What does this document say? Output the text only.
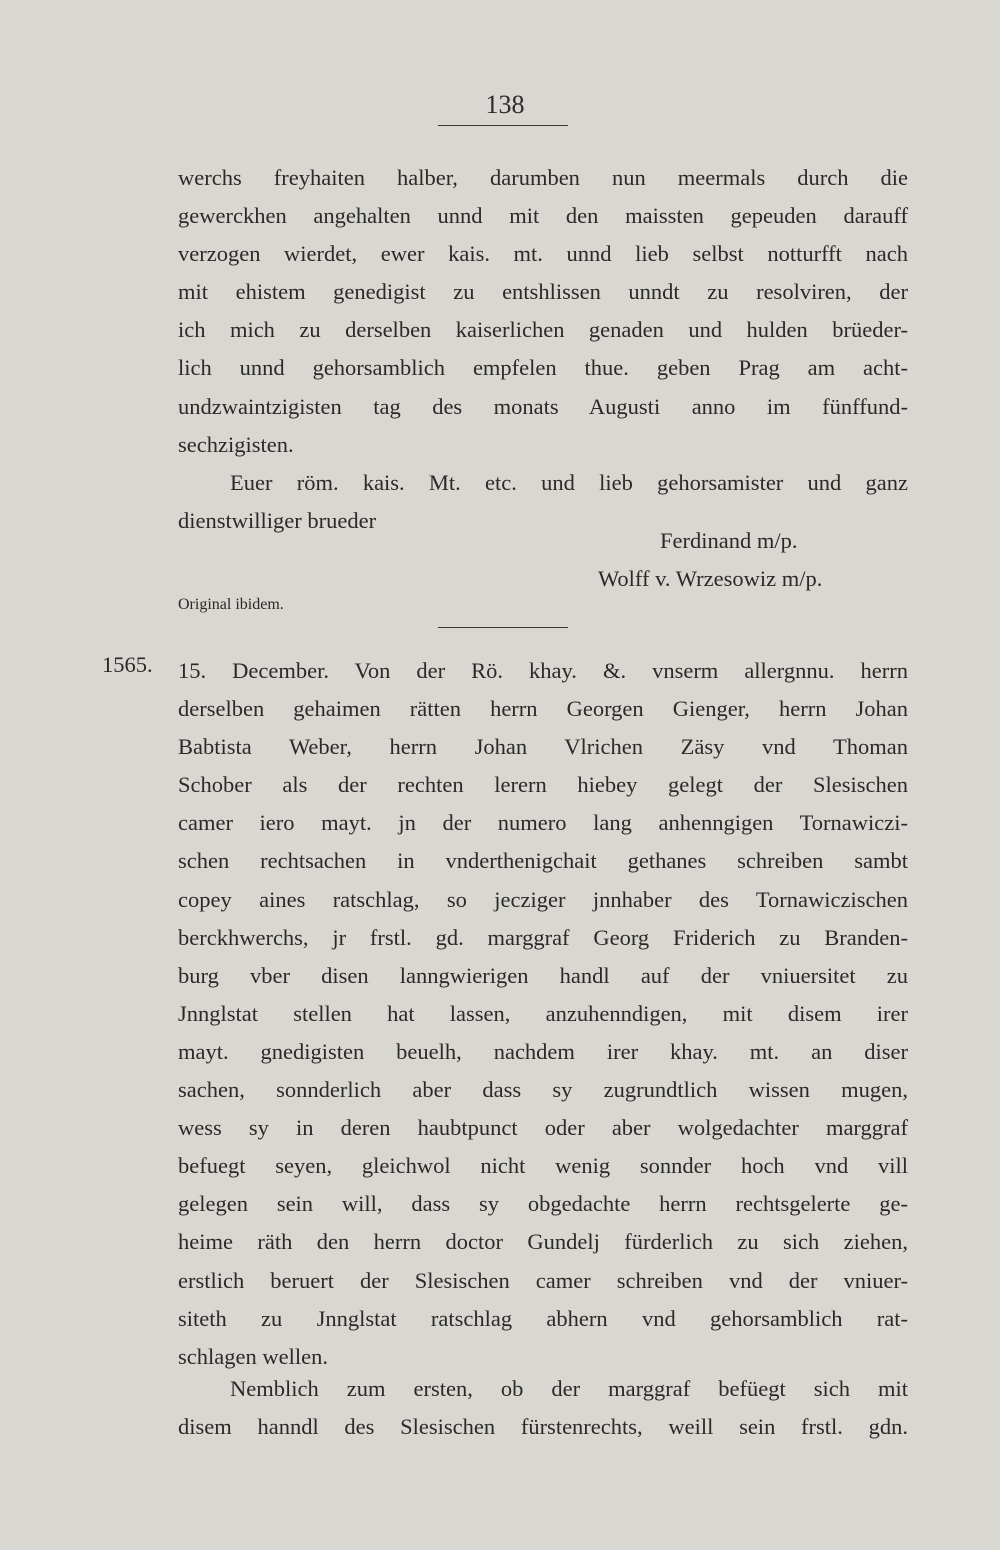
138
werchs freyhaiten halber, darumben nun meermals durch die
gewerckhen angehalten unnd mit den maissten gepeuden darauff
verzogen wierdet, ewer kais. mt. unnd lieb selbst notturfft nach
mit ehistem genedigist zu entshlissen unndt zu resolviren, der
ich mich zu derselben kaiserlichen genaden und hulden brüeder-
lich unnd gehorsamblich empfelen thue. geben Prag am acht-
undzwaintzigisten tag des monats Augusti anno im fünffund-
sechzigisten.
Euer röm. kais. Mt. etc. und lieb gehorsamister und ganz
dienstwilliger brueder
Ferdinand m/p.
Wolff v. Wrzesowiz m/p.
Original ibidem.
1565. 15. December. Von der Rö. khay. &. vnserm allergnnu. herrn
derselben gehaimen rätten herrn Georgen Gienger, herrn Johan
Babtista Weber, herrn Johan Vlrichen Zäsy vnd Thoman
Schober als der rechten lerern hiebey gelegt der Slesischen
camer iero mayt. jn der numero lang anhenngigen Tornawiczi-
schen rechtsachen in vnderthenigchait gethanes schreiben sambt
copey aines ratschlag, so jecziger jnnhaber des Tornawiczischen
berckhwerchs, jr frstl. gd. marggraf Georg Friderich zu Branden-
burg vber disen lanngwierigen handl auf der vniuersitet zu
Jnnglstat stellen hat lassen, anzuhenndigen, mit disem irer
mayt. gnedigisten beuelh, nachdem irer khay. mt. an diser
sachen, sonnderlich aber dass sy zugrundtlich wissen mugen,
wess sy in deren haubtpunct oder aber wolgedachter marggraf
befuegt seyen, gleichwol nicht wenig sonnder hoch vnd vill
gelegen sein will, dass sy obgedachte herrn rechtsgelerte ge-
heime räth den herrn doctor Gundelj fürderlich zu sich ziehen,
erstlich beruert der Slesischen camer schreiben vnd der vniuer-
siteth zu Jnnglstat ratschlag abhern vnd gehorsamblich rat-
schlagen wellen.
Nemblich zum ersten, ob der marggraf befüegt sich mit
disem hanndl des Slesischen fürstenrechts, weill sein frstl. gdn.
